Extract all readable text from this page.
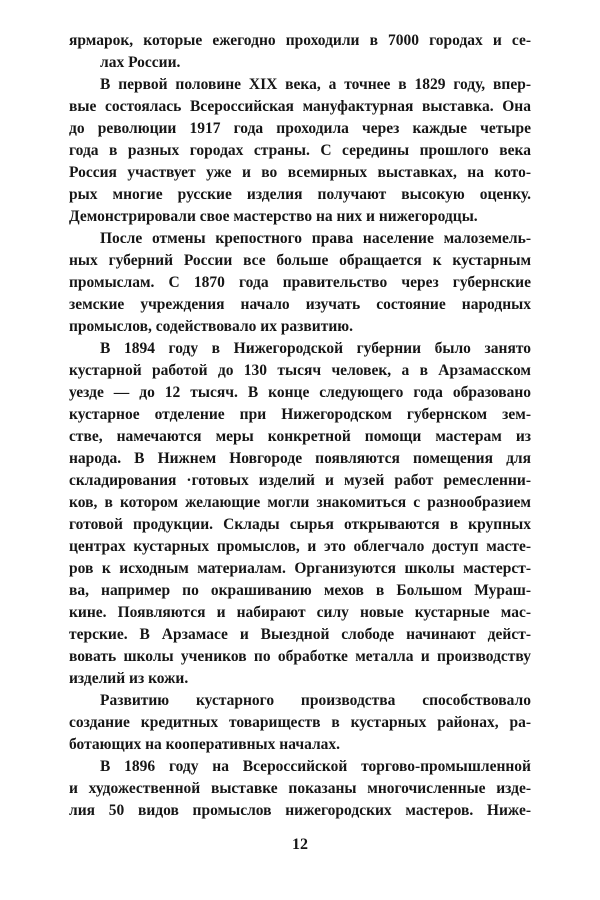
ярмарок, которые ежегодно проходили в 7000 городах и се-
лах России.
В первой половине XIX века, а точнее в 1829 году, впер-
вые состоялась Всероссийская мануфактурная выставка. Она
до революции 1917 года проходила через каждые четыре
года в разных городах страны. С середины прошлого века
Россия участвует уже и во всемирных выставках, на кото-
рых многие русские изделия получают высокую оценку.
Демонстрировали свое мастерство на них и нижегородцы.
После отмены крепостного права население малоземель-
ных губерний России все больше обращается к кустарным
промыслам. С 1870 года правительство через губернские
земские учреждения начало изучать состояние народных
промыслов, содействовало их развитию.
В 1894 году в Нижегородской губернии было занято
кустарной работой до 130 тысяч человек, а в Арзамасском
уезде — до 12 тысяч. В конце следующего года образовано
кустарное отделение при Нижегородском губернском зем-
стве, намечаются меры конкретной помощи мастерам из
народа. В Нижнем Новгороде появляются помещения для
складирования ·готовых изделий и музей работ ремесленни-
ков, в котором желающие могли знакомиться с разнообразием
готовой продукции. Склады сырья открываются в крупных
центрах кустарных промыслов, и это облегчало доступ масте-
ров к исходным материалам. Организуются школы мастерст-
ва, например по окрашиванию мехов в Большом Мураш-
кине. Появляются и набирают силу новые кустарные мас-
терские. В Арзамасе и Выездной слободе начинают дейст-
вовать школы учеников по обработке металла и производству
изделий из кожи.
Развитию кустарного производства способствовало
создание кредитных товариществ в кустарных районах, ра-
ботающих на кооперативных началах.
В 1896 году на Всероссийской торгово-промышленной
и художественной выставке показаны многочисленные изде-
лия 50 видов промыслов нижегородских мастеров. Ниже-
12
